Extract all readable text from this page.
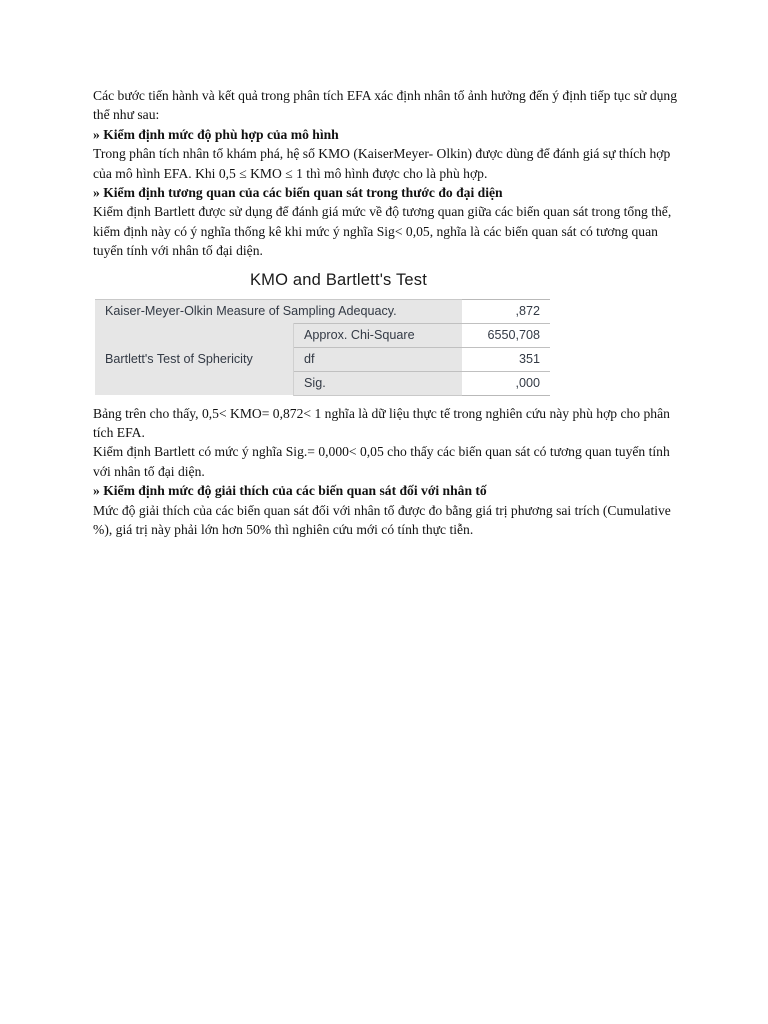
Các bước tiến hành và kết quả trong phân tích EFA xác định nhân tố ảnh hưởng đến ý định tiếp tục sử dụng thể như sau:

» Kiểm định mức độ phù hợp của mô hình

Trong phân tích nhân tố khám phá, hệ số KMO (KaiserMeyer- Olkin) được dùng để đánh giá sự thích hợp của mô hình EFA. Khi 0,5 ≤ KMO ≤ 1 thì mô hình được cho là phù hợp.

» Kiểm định tương quan của các biến quan sát trong thước đo đại diện

Kiểm định Bartlett được sử dụng để đánh giá mức về độ tương quan giữa các biến quan sát trong tổng thể, kiểm định này có ý nghĩa thống kê khi mức ý nghĩa Sig< 0,05, nghĩa là các biến quan sát có tương quan tuyến tính với nhân tố đại diện.

KMO and Bartlett's Test
Kaiser-Meyer-Olkin Measure of Sampling Adequacy.		,872
Bartlett's Test of Sphericity	Approx. Chi-Square	6550,708
	df	351
	Sig.	,000

Bảng trên cho thấy, 0,5< KMO= 0,872< 1 nghĩa là dữ liệu thực tế trong nghiên cứu này phù hợp cho phân tích EFA.

Kiểm định Bartlett có mức ý nghĩa Sig.= 0,000< 0,05 cho thấy các biến quan sát có tương quan tuyến tính với nhân tố đại diện.

» Kiểm định mức độ giải thích của các biến quan sát đối với nhân tố

Mức độ giải thích của các biến quan sát đối với nhân tố được đo bằng giá trị phương sai trích (Cumulative %), giá trị này phải lớn hơn 50% thì nghiên cứu mới có tính thực tiễn.
